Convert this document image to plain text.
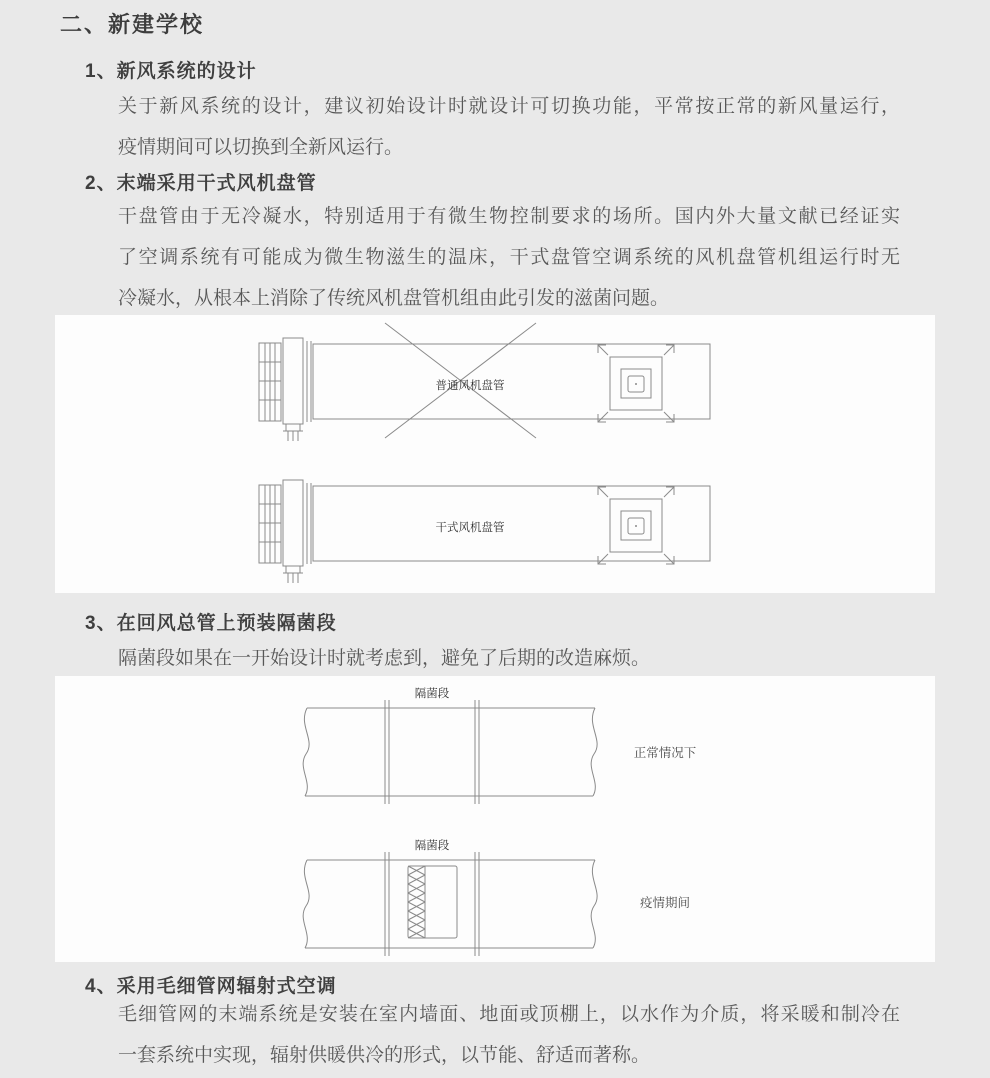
二、新建学校
1、新风系统的设计
关于新风系统的设计，建议初始设计时就设计可切换功能，平常按正常的新风量运行，
疫情期间可以切换到全新风运行。
2、末端采用干式风机盘管
干盘管由于无冷凝水，特别适用于有微生物控制要求的场所。国内外大量文献已经证实
了空调系统有可能成为微生物滋生的温床，干式盘管空调系统的风机盘管机组运行时无
冷凝水，从根本上消除了传统风机盘管机组由此引发的滋菌问题。
普通风机盘管
干式风机盘管
3、在回风总管上预装隔菌段
隔菌段如果在一开始设计时就考虑到，避免了后期的改造麻烦。
隔菌段
正常情况下
隔菌段
疫情期间
4、采用毛细管网辐射式空调
毛细管网的末端系统是安装在室内墙面、地面或顶棚上，以水作为介质，将采暖和制冷在
一套系统中实现，辐射供暖供冷的形式，以节能、舒适而著称。
